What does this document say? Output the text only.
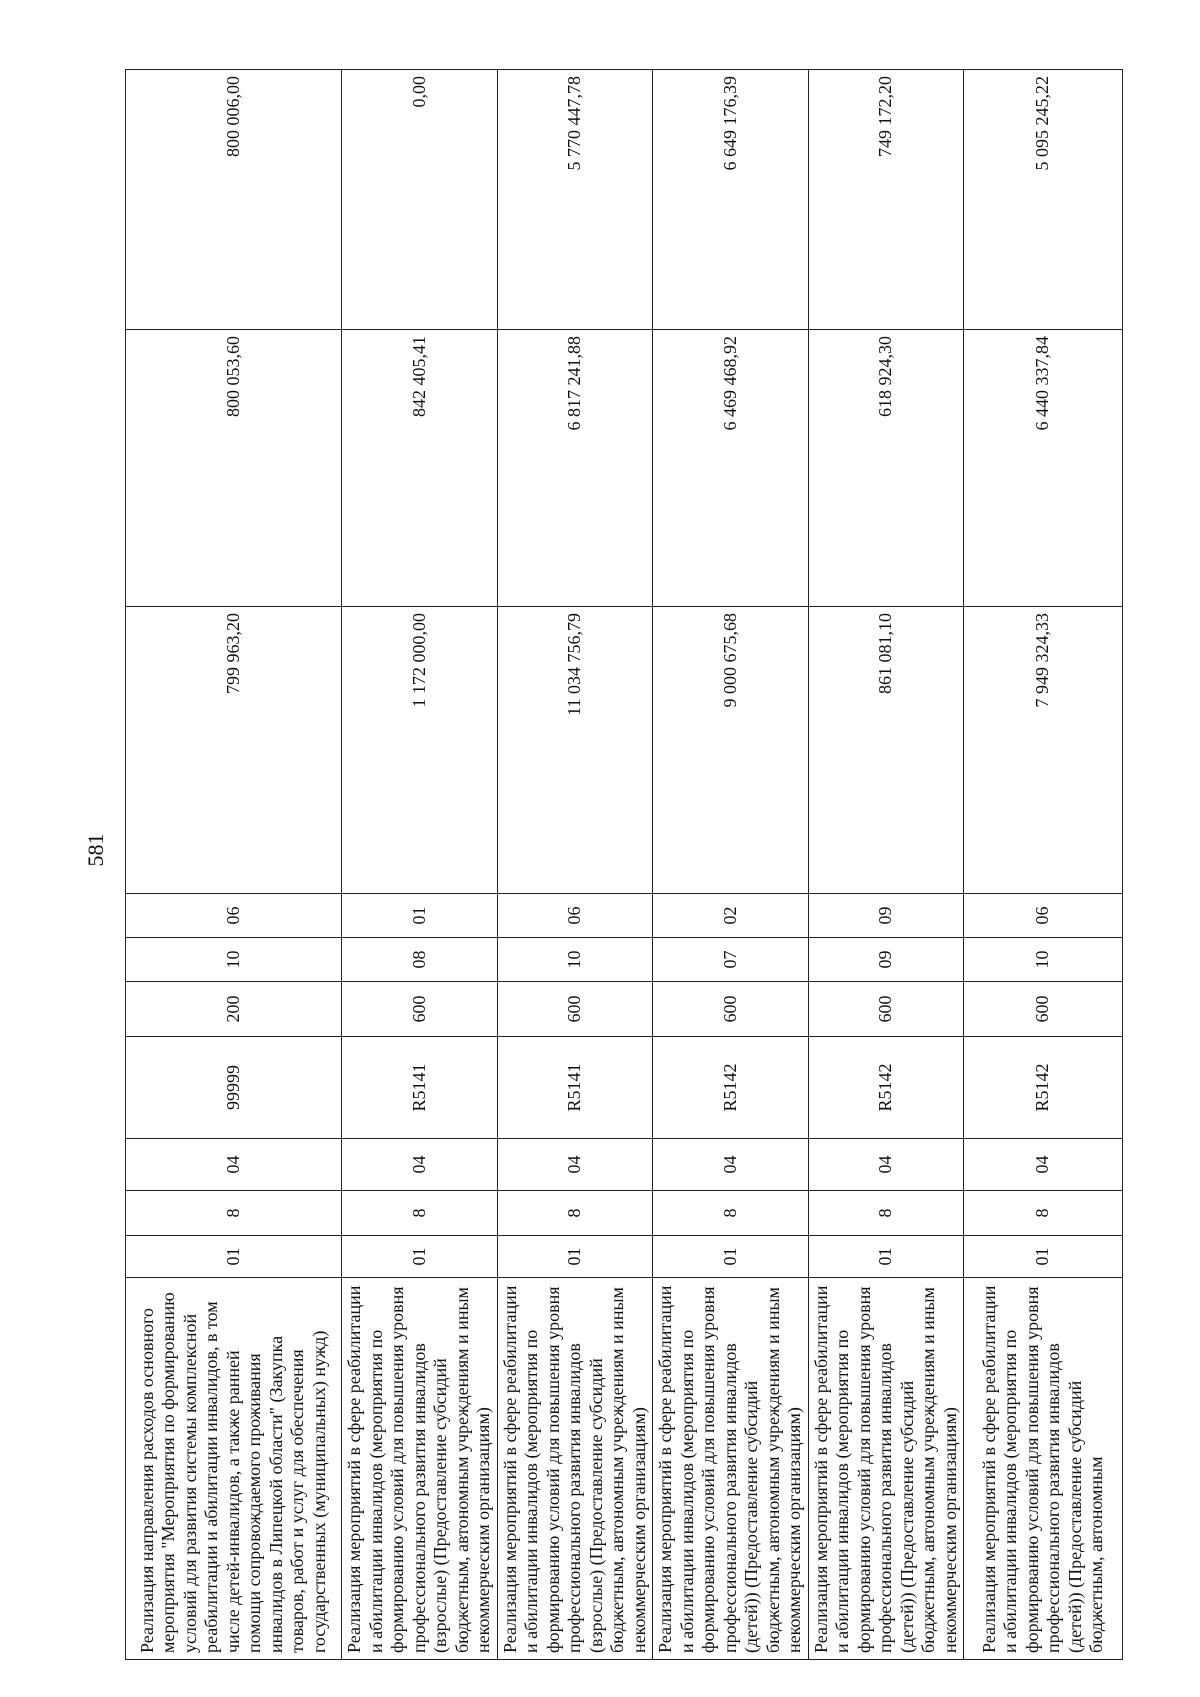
581
Реализация направления расходов основного мероприятия "Мероприятия по формированию условий для развития системы комплексной реабилитации и абилитации инвалидов, в том числе детей-инвалидов, а также ранней помощи сопровождаемого проживания инвалидов в Липецкой области" (Закупка товаров, работ и услуг для обеспечения государственных (муниципальных) нужд)	01	8	04	99999	200	10	06	799 963,20	800 053,60	800 006,00
Реализация мероприятий в сфере реабилитации и абилитации инвалидов (мероприятия по формированию условий для повышения уровня профессионального развития инвалидов (взрослые) (Предоставление субсидий бюджетным, автономным учреждениям и иным некоммерческим организациям)	01	8	04	R5141	600	08	01	1 172 000,00	842 405,41	0,00
Реализация мероприятий в сфере реабилитации и абилитации инвалидов (мероприятия по формированию условий для повышения уровня профессионального развития инвалидов (взрослые) (Предоставление субсидий бюджетным, автономным учреждениям и иным некоммерческим организациям)	01	8	04	R5141	600	10	06	11 034 756,79	6 817 241,88	5 770 447,78
Реализация мероприятий в сфере реабилитации и абилитации инвалидов (мероприятия по формированию условий для повышения уровня профессионального развития инвалидов (детей)) (Предоставление субсидий бюджетным, автономным учреждениям и иным некоммерческим организациям)	01	8	04	R5142	600	07	02	9 000 675,68	6 469 468,92	6 649 176,39
Реализация мероприятий в сфере реабилитации и абилитации инвалидов (мероприятия по формированию условий для повышения уровня профессионального развития инвалидов (детей)) (Предоставление субсидий бюджетным, автономным учреждениям и иным некоммерческим организациям)	01	8	04	R5142	600	09	09	861 081,10	618 924,30	749 172,20
Реализация мероприятий в сфере реабилитации и абилитации инвалидов (мероприятия по формированию условий для повышения уровня профессионального развития инвалидов (детей)) (Предоставление субсидий бюджетным, автономным	01	8	04	R5142	600	10	06	7 949 324,33	6 440 337,84	5 095 245,22
